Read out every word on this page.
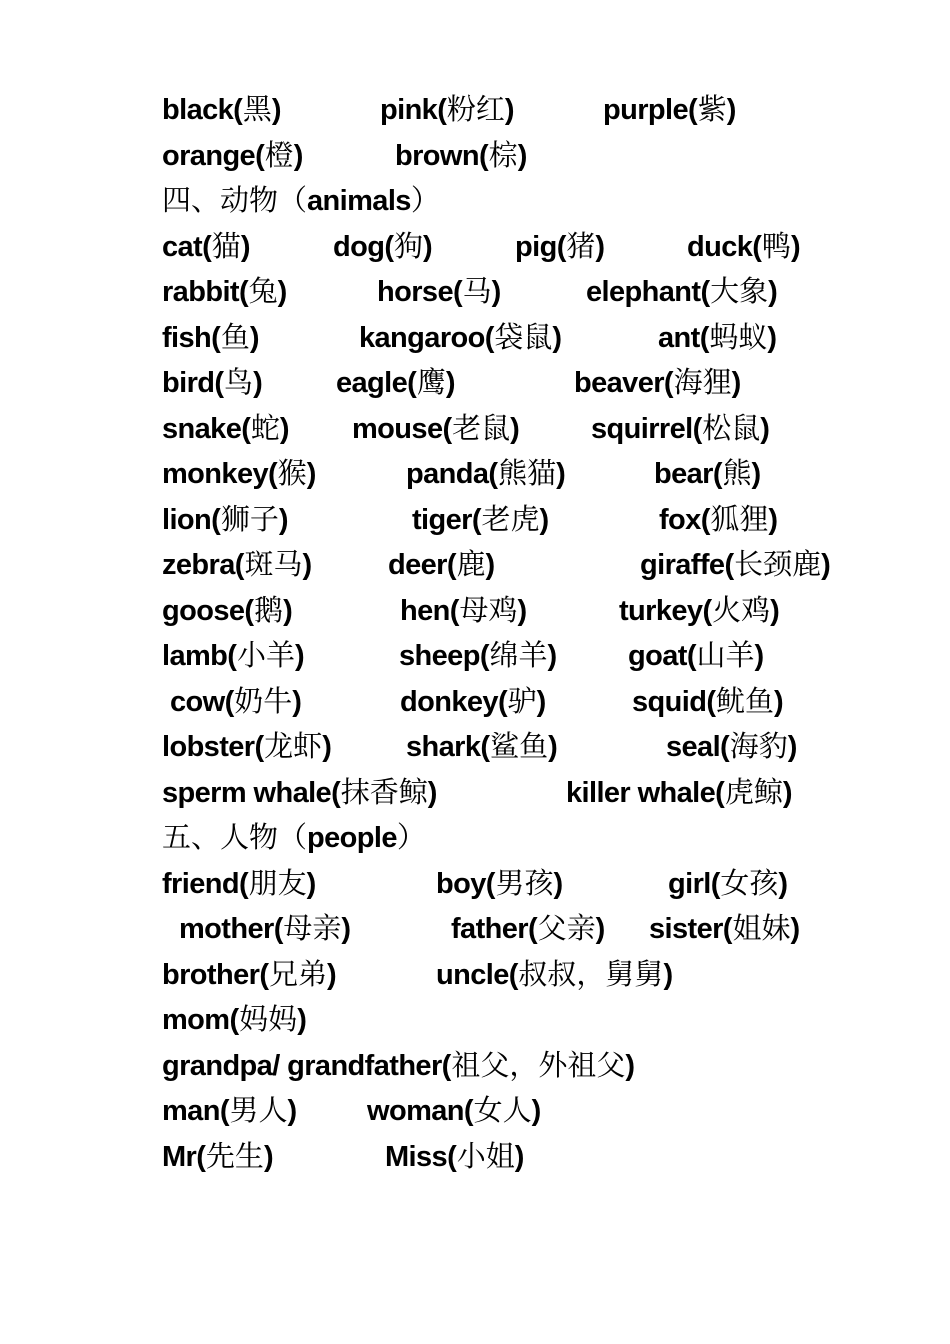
black(黑)	pink(粉红)	purple(紫)
orange(橙)	brown(棕)
四、动物（animals）
cat(猫)	dog(狗)	pig(猪)	duck(鸭)
rabbit(兔)	horse(马)	elephant(大象)
fish(鱼)	kangaroo(袋鼠)	ant(蚂蚁)
bird(鸟)	eagle(鹰)	beaver(海狸)
snake(蛇) mouse(老鼠) squirrel(松鼠)
monkey(猴)	panda(熊猫)	bear(熊)
lion(狮子)	tiger(老虎)	fox(狐狸)
zebra(斑马)	deer(鹿)	giraffe(长颈鹿)
goose(鹅)	hen(母鸡)	turkey(火鸡)
lamb(小羊)	sheep(绵羊) goat(山羊)
cow(奶牛)	donkey(驴)	squid(鱿鱼)
lobster(龙虾)	shark(鲨鱼)	seal(海豹)
sperm whale(抹香鲸)	killer whale(虎鲸)
五、人物（people）
friend(朋友)	boy(男孩)	girl(女孩)
mother(母亲)	father(父亲) sister(姐妹)
brother(兄弟)	uncle(叔叔，舅舅)
mom(妈妈)
grandpa/ grandfather(祖父，外祖父)
man(男人) woman(女人)
Mr(先生)	Miss(小姐)
